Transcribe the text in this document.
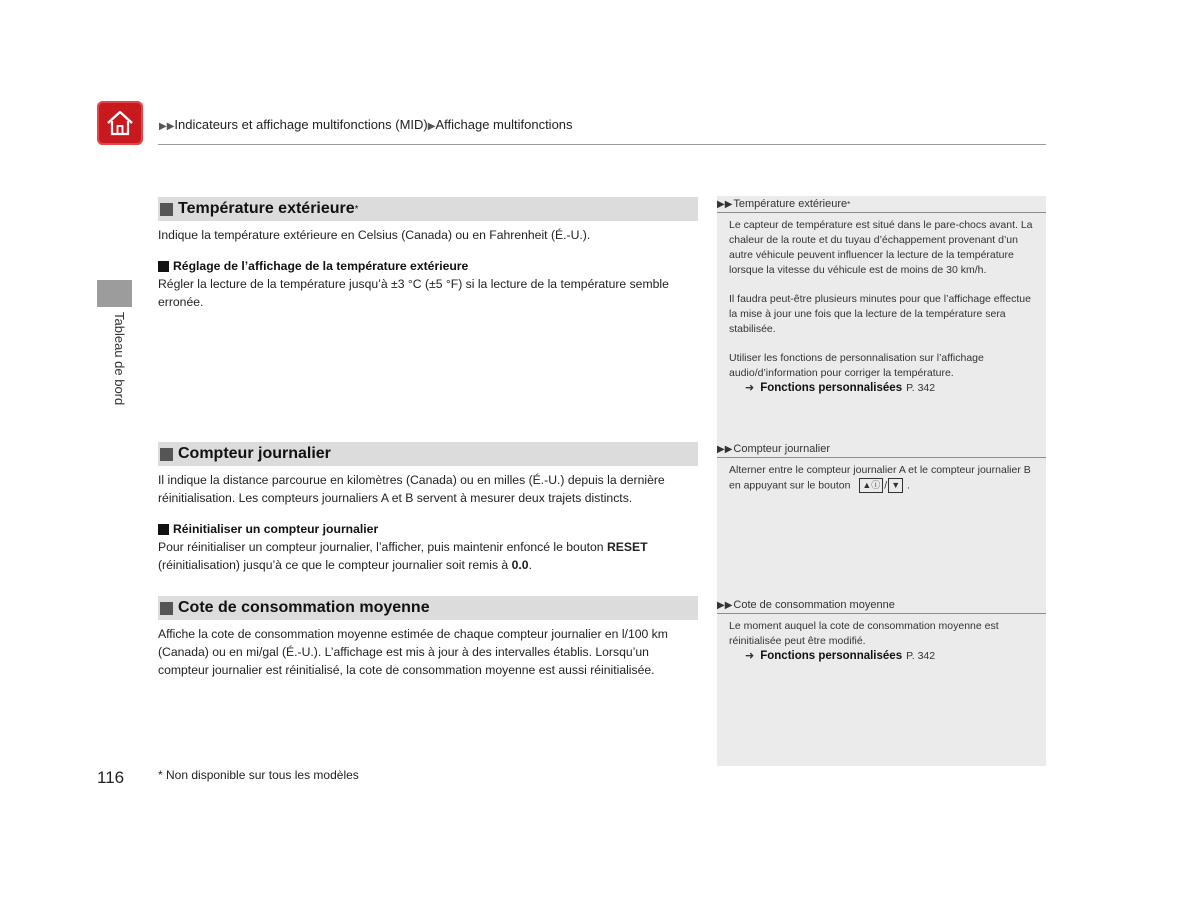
▶▶Indicateurs et affichage multifonctions (MID)▶Affichage multifonctions
Tableau de bord
Température extérieure *
Indique la température extérieure en Celsius (Canada) ou en Fahrenheit (É.-U.).
Réglage de l’affichage de la température extérieure
Régler la lecture de la température jusqu’à ±3 °C (±5 °F) si la lecture de la température semble erronée.
Compteur journalier
Il indique la distance parcourue en kilomètres (Canada) ou en milles (É.-U.) depuis la dernière réinitialisation. Les compteurs journaliers A et B servent à mesurer deux trajets distincts.
Réinitialiser un compteur journalier
Pour réinitialiser un compteur journalier, l’afficher, puis maintenir enfoncé le bouton RESET (réinitialisation) jusqu’à ce que le compteur journalier soit remis à 0.0.
Cote de consommation moyenne
Affiche la cote de consommation moyenne estimée de chaque compteur journalier en l/100 km (Canada) ou en mi/gal (É.-U.). L’affichage est mis à jour à des intervalles établis. Lorsqu’un compteur journalier est réinitialisé, la cote de consommation moyenne est aussi réinitialisée.
▶▶ Température extérieure *
Le capteur de température est situé dans le pare-chocs avant. La chaleur de la route et du tuyau d’échappement provenant d’un autre véhicule peuvent influencer la lecture de la température lorsque la vitesse du véhicule est de moins de 30 km/h.
Il faudra peut-être plusieurs minutes pour que l’affichage effectue la mise à jour une fois que la lecture de la température sera stabilisée.
Utiliser les fonctions de personnalisation sur l’affichage audio/d’information pour corriger la température.
➜ Fonctions personnalisées P. 342
▶▶ Compteur journalier
Alterner entre le compteur journalier A et le compteur journalier B en appuyant sur le bouton ▲ⓘ / ▼ .
▶▶ Cote de consommation moyenne
Le moment auquel la cote de consommation moyenne est réinitialisée peut être modifié.
➜ Fonctions personnalisées P. 342
116	* Non disponible sur tous les modèles
